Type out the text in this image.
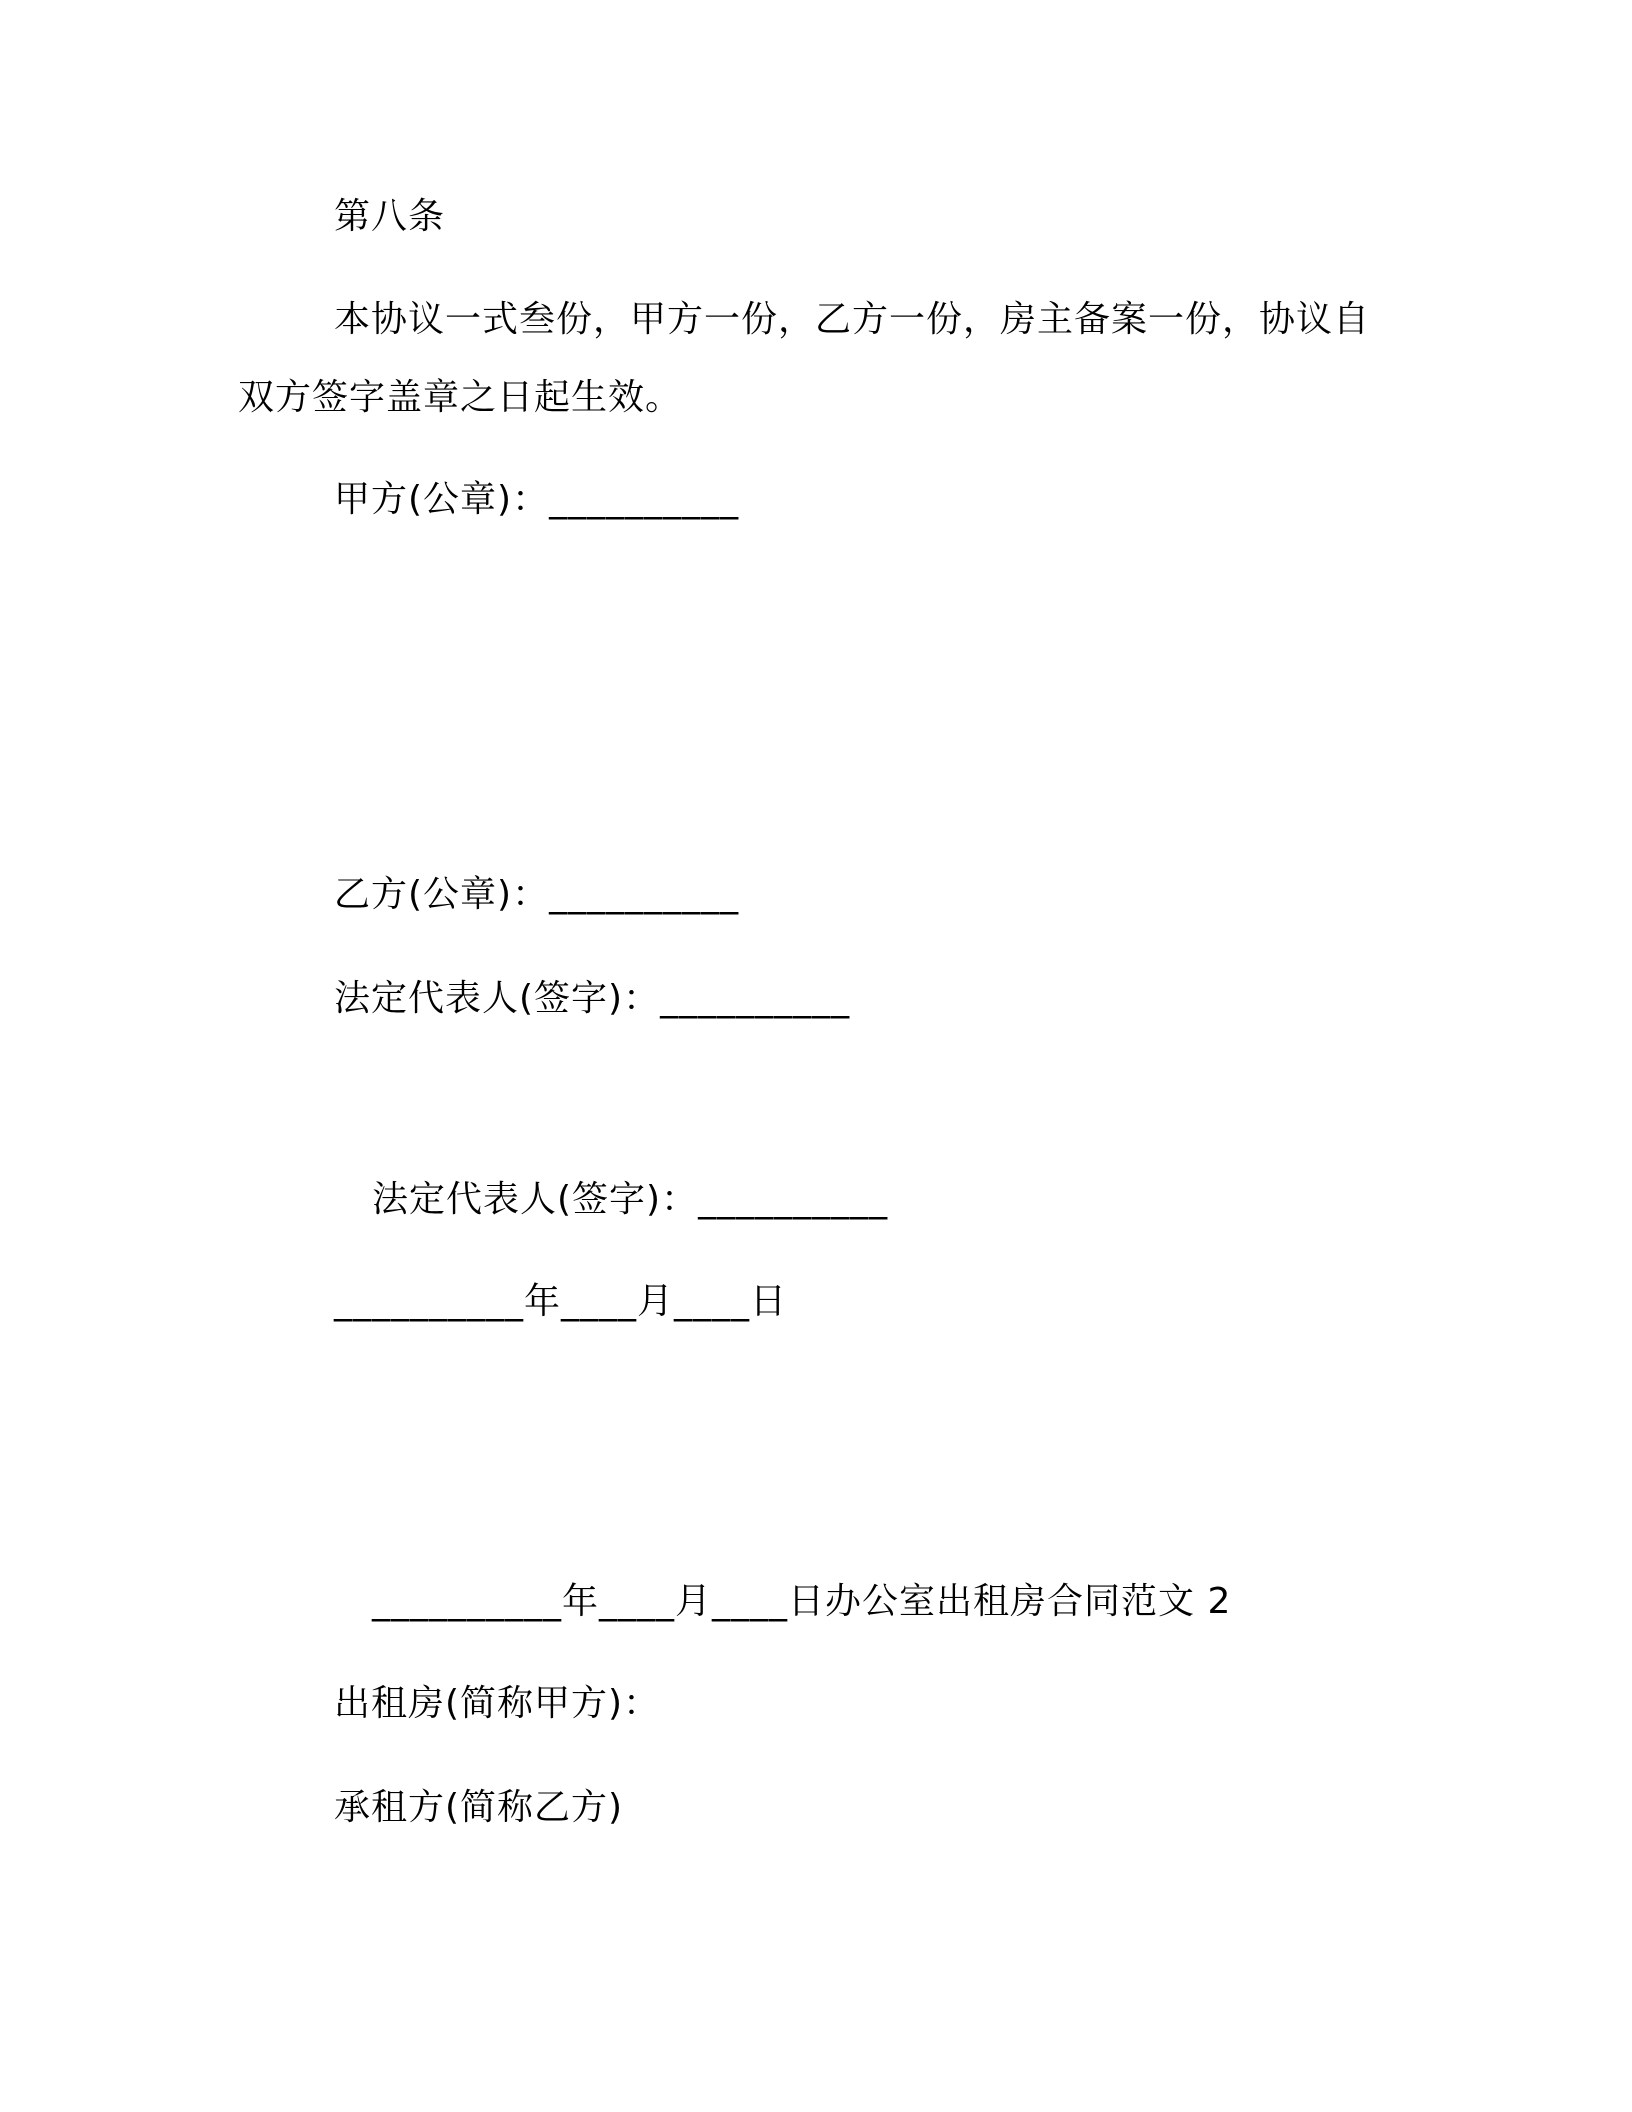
第八条
本协议一式叁份，甲方一份，乙方一份，房主备案一份，协议自
双方签字盖章之日起生效。
甲方(公章)：__________
乙方(公章)：__________
法定代表人(签字)：__________
法定代表人(签字)：__________
__________年____月____日
__________年____月____日办公室出租房合同范文 2
出租房(简称甲方)：
承租方(简称乙方)
